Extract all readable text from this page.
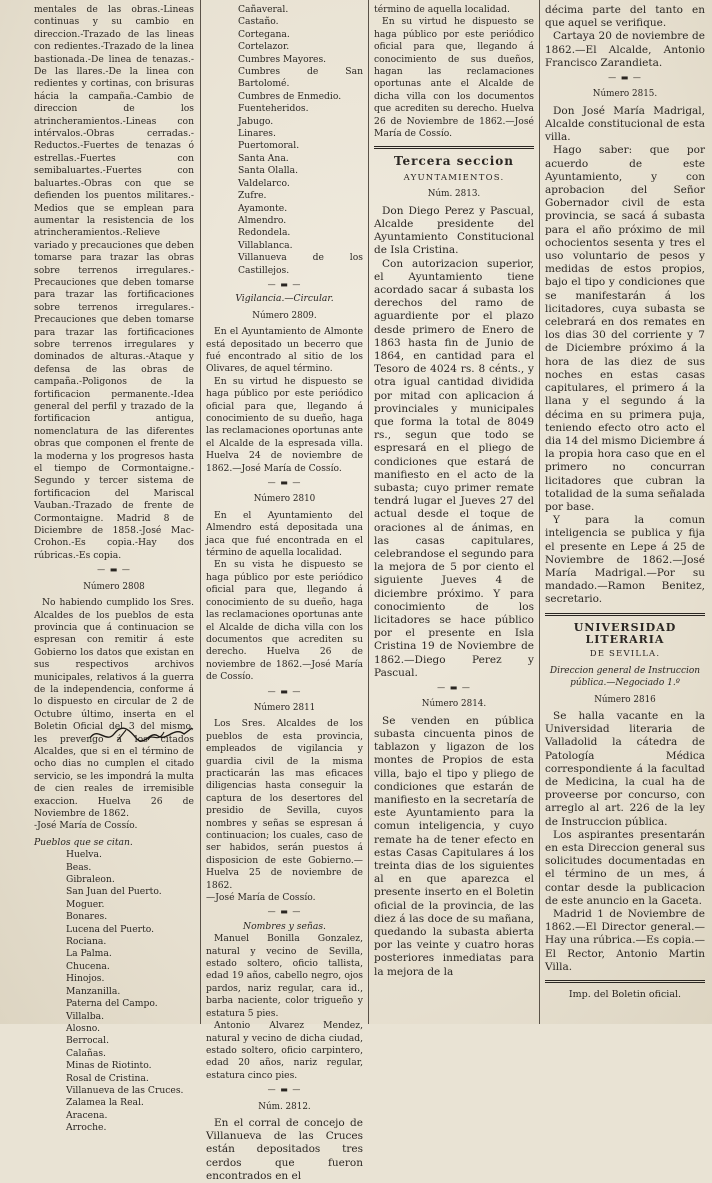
mentales de las obras.-Lineas continuas y su cambio en direccion.-Trazado de las lineas con redientes.-Trazado de la linea bastionada.-De linea de tenazas.-De las llares.-De la linea con redientes y cortinas, con brisuras hácia la campaña.-Cambio de direccion de los atrincheramientos.-Lineas con intérvalos.-Obras cerradas.-Reductos.-Fuertes de tenazas ó estrellas.-Fuertes con semibaluartes.-Fuertes con baluartes.-Obras con que se defienden los puentos militares.-Medios que se emplean para aumentar la resistencia de los atrincheramientos.-Relieve variado y precauciones que deben tomarse para trazar las obras sobre terrenos irregulares.-Precauciones que deben tomarse para trazar las fortificaciones sobre terrenos irregulares.-Precauciones que deben tomarse para trazar las fortificaciones sobre terrenos irregulares y dominados de alturas.-Ataque y defensa de las obras de campaña.-Poligonos de la fortificacion permanente.-Idea general del perfil y trazado de la fortificacion antigua, nomenclatura de las diferentes obras que componen el frente de la moderna y los progresos hasta el tiempo de Cormontaigne.-Segundo y tercer sistema de fortificacion del Mariscal Vauban.-Trazado de frente de Cormontaigne. Madrid 8 de Diciembre de 1858.-José Mac-Crohon.-Es copia.-Hay dos rúbricas.-Es copia.

— ▬ —
Número 2808

No habiendo cumplido los Sres. Alcaldes de los pueblos de esta provincia que á continuacion se espresan con remitir á este Gobierno los datos que existan en sus respectivos archivos municipales, relativos á la guerra de la independencia, conforme á lo dispuesto en circular de 2 de Octubre último, inserta en el Boletin Oficial del 3 del mismo, les prevengo á los citados Alcaldes, que si en el término de ocho dias no cumplen el citado servicio, se les impondrá la multa de cien reales de irremisible exaccion. Huelva 26 de Noviembre de 1862.

-José María de Cossío.

Pueblos que se citan.

Huelva.
Beas.
Gibraleon.
San Juan del Puerto.
Moguer.
Bonares.
Lucena del Puerto.
Rociana.
La Palma.
Chucena.
Hinojos.
Manzanilla.
Paterna del Campo.
Villalba.
Alosno.
Berrocal.
Calañas.
Minas de Riotinto.
Rosal de Cristina.
Villanueva de las Cruces.
Zalamea la Real.
Aracena.
Arroche.
Cañaveral.
Castaño.
Cortegana.
Cortelazor.
Cumbres Mayores.
Cumbres de San Bartolomé.
Cumbres de Enmedio.
Fuenteheridos.
Jabugo.
Linares.
Puertomoral.
Santa Ana.
Santa Olalla.
Valdelarco.
Zufre.
Ayamonte.
Almendro.
Redondela.
Villablanca.
Villanueva de los Castillejos.
— ▬ —

Vigilancia.—Circular.

Número 2809.

En el Ayuntamiento de Almonte está depositado un becerro que fué encontrado al sitio de los Olivares, de aquel término.

En su virtud he dispuesto se haga público por este periódico oficial para que, llegando á conocimiento de su dueño, haga las reclamaciones oportunas ante el Alcalde de la espresada villa. Huelva 24 de noviembre de 1862.—José María de Cossío.

— ▬ —
Número 2810

En el Ayuntamiento del Almendro está depositada una jaca que fué encontrada en el término de aquella localidad.

En su vista he dispuesto se haga público por este periódico oficial para que, llegando á conocimiento de su dueño, haga las reclamaciones oportunas ante el Alcalde de dicha villa con los documentos que acrediten su derecho. Huelva 26 de noviembre de 1862.—José María de Cossío.

— ▬ —
Número 2811

Los Sres. Alcaldes de los pueblos de esta provincia, empleados de vigilancia y guardia civil de la misma practicarán las mas eficaces diligencias hasta conseguir la captura de los desertores del presidio de Sevilla, cuyos nombres y señas se espresan á continuacion; los cuales, caso de ser habidos, serán puestos á disposicion de este Gobierno.—Huelva 25 de noviembre de 1862.

—José María de Cossío.

— ▬ —

Nombres y señas.

Manuel Bonilla Gonzalez, natural y vecino de Sevilla, estado soltero, oficio tallista, edad 19 años, cabello negro, ojos pardos, nariz regular, cara id., barba naciente, color trigueño y estatura 5 pies.

Antonio Alvarez Mendez, natural y vecino de dicha ciudad, estado soltero, oficio carpintero, edad 20 años, nariz regular, estatura cinco pies.

— ▬ —
Núm. 2812.

En el corral de concejo de Villanueva de las Cruces están depositados tres cerdos que fueron encontrados en el

término de aquella localidad.

En su virtud he dispuesto se haga público por este periódico oficial para que, llegando á conocimiento de sus dueños, hagan las reclamaciones oportunas ante el Alcalde de dicha villa con los documentos que acrediten su derecho. Huelva 26 de Noviembre de 1862.—José María de Cossío.

Tercera seccion
AYUNTAMIENTOS.
Núm. 2813.

Don Diego Perez y Pascual, Alcalde presidente del Ayuntamiento Constitucional de Isla Cristina.

Con autorizacion superior, el Ayuntamiento tiene acordado sacar á subasta los derechos del ramo de aguardiente por el plazo desde primero de Enero de 1863 hasta fin de Junio de 1864, en cantidad para el Tesoro de 4024 rs. 8 cénts., y otra igual cantidad dividida por mitad con aplicacion á provinciales y municipales que forma la total de 8049 rs., segun que todo se espresará en el pliego de condiciones que estará de manifiesto en el acto de la subasta; cuyo primer remate tendrá lugar el Jueves 27 del actual desde el toque de oraciones al de ánimas, en las casas capitulares, celebrandose el segundo para la mejora de 5 por ciento el siguiente Jueves 4 de diciembre próximo. Y para conocimiento de los licitadores se hace público por el presente en Isla Cristina 19 de Noviembre de 1862.—Diego Perez y Pascual.

— ▬ —
Número 2814.

Se venden en pública subasta cincuenta pinos de tablazon y ligazon de los montes de Propios de esta villa, bajo el tipo y pliego de condiciones que estarán de manifiesto en la secretaría de este Ayuntamiento para la comun inteligencia, y cuyo remate ha de tener efecto en estas Casas Capitulares á los treinta dias de los siguientes al en que aparezca el presente inserto en el Boletin oficial de la provincia, de las diez á las doce de su mañana, quedando la subasta abierta por las veinte y cuatro horas posteriores inmediatas para la mejora de la

décima parte del tanto en que aquel se verifique.

Cartaya 20 de noviembre de 1862.—El Alcalde, Antonio Francisco Zarandieta.

— ▬ —
Número 2815.

Don José María Madrigal, Alcalde constitucional de esta villa.

Hago saber: que por acuerdo de este Ayuntamiento, y con aprobacion del Señor Gobernador civil de esta provincia, se sacá á subasta para el año próximo de mil ochocientos sesenta y tres el uso voluntario de pesos y medidas de estos propios, bajo el tipo y condiciones que se manifestarán á los licitadores, cuya subasta se celebrará en dos remates en los dias 30 del corriente y 7 de Diciembre próximo á la hora de las diez de sus noches en estas casas capitulares, el primero á la llana y el segundo á la décima en su primera puja, teniendo efecto otro acto el dia 14 del mismo Diciembre á la propia hora caso que en el primero no concurran licitadores que cubran la totalidad de la suma señalada por base.

Y para la comun inteligencia se publica y fija el presente en Lepe á 25 de Noviembre de 1862.—José María Madrigal.—Por su mandado.—Ramon Benitez, secretario.

UNIVERSIDAD LITERARIA
DE SEVILLA.
Direccion general de Instruccion pública.—Negociado 1.º
Número 2816

Se halla vacante en la Universidad literaria de Valladolid la cátedra de Patología Médica correspondiente á la facultad de Medicina, la cual ha de proveerse por concurso, con arreglo al art. 226 de la ley de Instruccion pública.

Los aspirantes presentarán en esta Direccion general sus solicitudes documentadas en el término de un mes, á contar desde la publicacion de este anuncio en la Gaceta.

Madrid 1 de Noviembre de 1862.—El Director general.—Hay una rúbrica.—Es copia.—El Rector, Antonio Martin Villa.

Imp. del Boletin oficial.
